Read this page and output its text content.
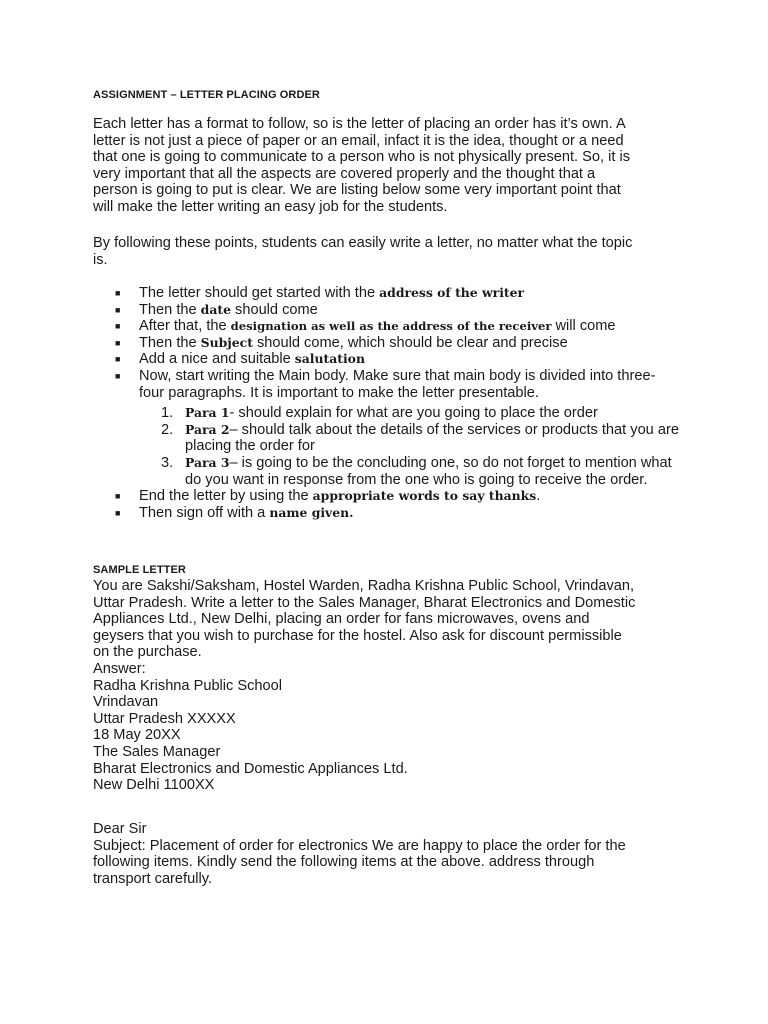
ASSIGNMENT – LETTER PLACING ORDER
Each letter has a format to follow, so is the letter of placing an order has it’s own. A
letter is not just a piece of paper or an email, infact it is the idea, thought or a need
that one is going to communicate to a person who is not physically present. So, it is
very important that all the aspects are covered properly and the thought that a
person is going to put is clear. We are listing below some very important point that
will make the letter writing an easy job for the students.
By following these points, students can easily write a letter, no matter what the topic
is.
■ The letter should get started with the address of the writer
■ Then the date should come
■ After that, the designation as well as the address of the receiver will come
■ Then the Subject should come, which should be clear and precise
■ Add a nice and suitable salutation
■ Now, start writing the Main body. Make sure that main body is divided into three-four paragraphs. It is important to make the letter presentable.
1. Para 1- should explain for what are you going to place the order
2. Para 2– should talk about the details of the services or products that you are placing the order for
3. Para 3– is going to be the concluding one, so do not forget to mention what do you want in response from the one who is going to receive the order.
■ End the letter by using the appropriate words to say thanks.
■ Then sign off with a name given.
SAMPLE LETTER
You are Sakshi/Saksham, Hostel Warden, Radha Krishna Public School, Vrindavan,
Uttar Pradesh. Write a letter to the Sales Manager, Bharat Electronics and Domestic
Appliances Ltd., New Delhi, placing an order for fans microwaves, ovens and
geysers that you wish to purchase for the hostel. Also ask for discount permissible
on the purchase.
Answer:
Radha Krishna Public School
Vrindavan
Uttar Pradesh XXXXX
18 May 20XX
The Sales Manager
Bharat Electronics and Domestic Appliances Ltd.
New Delhi 1100XX
Dear Sir
Subject: Placement of order for electronics We are happy to place the order for the
following items. Kindly send the following items at the above. address through
transport carefully.
